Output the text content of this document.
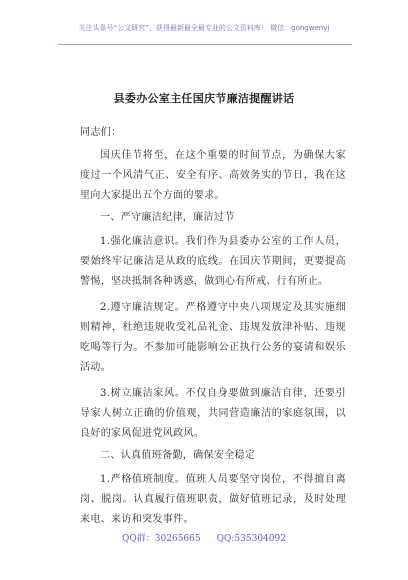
关注头条号“公文研究”，获得最新最全最专业的公文资料库！ 微信：gongwenyj
县委办公室主任国庆节廉洁提醒讲话
同志们：
国庆佳节将至，在这个重要的时间节点，为确保大家度过一个风清气正、安全有序、高效务实的节日，我在这里向大家提出五个方面的要求。
一、严守廉洁纪律，廉洁过节
1.强化廉洁意识。我们作为县委办公室的工作人员，要始终牢记廉洁是从政的底线。在国庆节期间，更要提高警惕，坚决抵制各种诱惑，做到心有所戒、行有所止。
2.遵守廉洁规定。严格遵守中央八项规定及其实施细则精神，杜绝违规收受礼品礼金、违规发放津补贴、违规吃喝等行为。不参加可能影响公正执行公务的宴请和娱乐活动。
3.树立廉洁家风。不仅自身要做到廉洁自律，还要引导家人树立正确的价值观，共同营造廉洁的家庭氛围，以良好的家风促进党风政风。
二、认真值班备勤，确保安全稳定
1.严格值班制度。值班人员要坚守岗位，不得擅自离岗、脱岗。认真履行值班职责，做好值班记录，及时处理来电、来访和突发事件。
QQ群：30265665 QQ:535304092
